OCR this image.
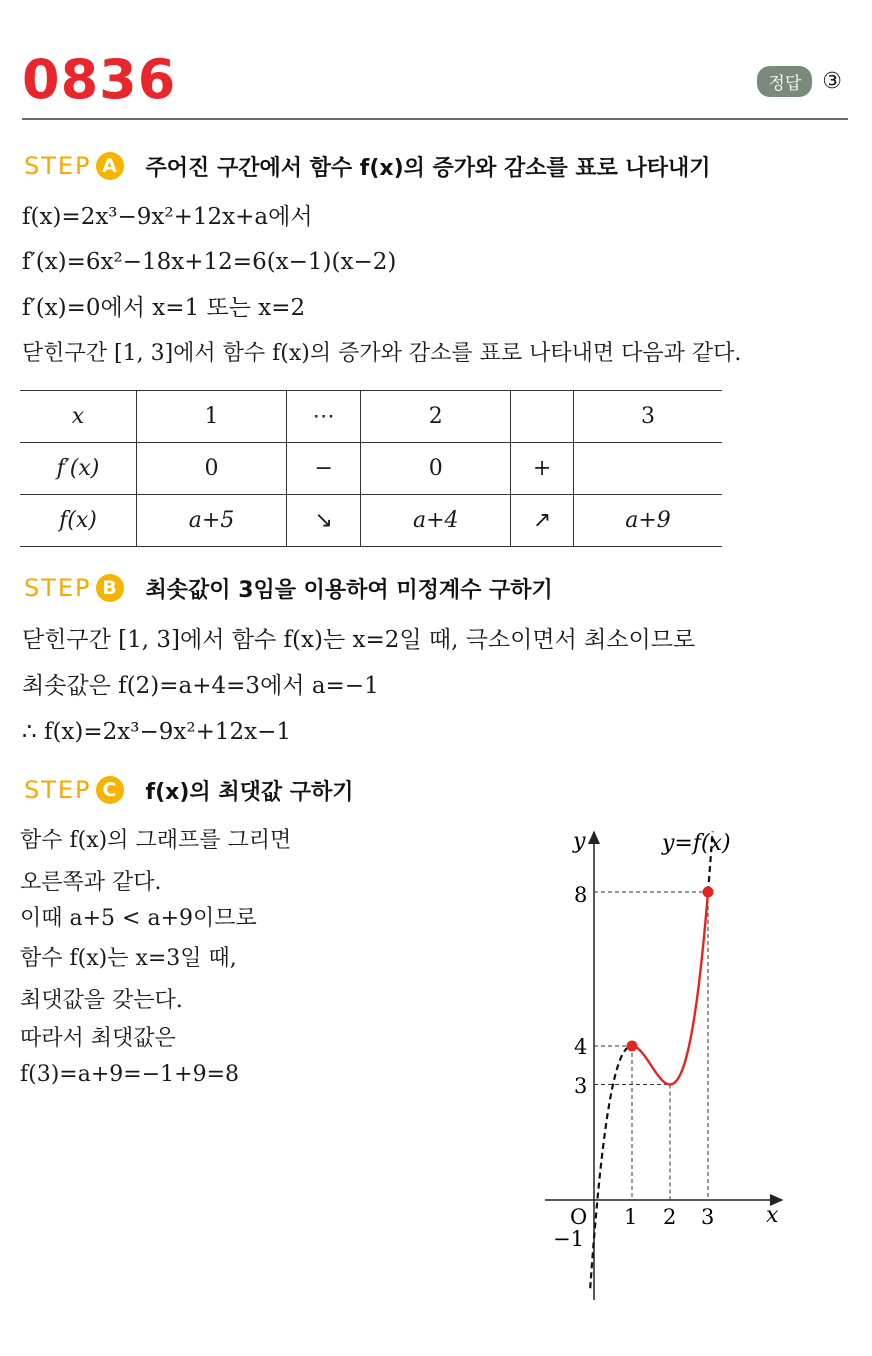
0836	정답 ③
STEP A	주어진 구간에서 함수 f(x)의 증가와 감소를 표로 나타내기
f(x)=2x³−9x²+12x+a에서
f′(x)=6x²−18x+12=6(x−1)(x−2)
f′(x)=0에서 x=1 또는 x=2
닫힌구간 [1, 3]에서 함수 f(x)의 증가와 감소를 표로 나타내면 다음과 같다.
x	1	⋯	2		3
f′(x)	0	−	0	+	
f(x)	a+5	↘	a+4	↗	a+9
STEP B	최솟값이 3임을 이용하여 미정계수 구하기
닫힌구간 [1, 3]에서 함수 f(x)는 x=2일 때, 극소이면서 최소이므로
최솟값은 f(2)=a+4=3에서 a=−1
∴ f(x)=2x³−9x²+12x−1
STEP C	f(x)의 최댓값 구하기
함수 f(x)의 그래프를 그리면
오른쪽과 같다.
이때 a+5 < a+9이므로
함수 f(x)는 x=3일 때,
최댓값을 갖는다.
따라서 최댓값은
f(3)=a+9=−1+9=8
y	y=f(x)
x
O 1 2 3
8
4
3
−1
